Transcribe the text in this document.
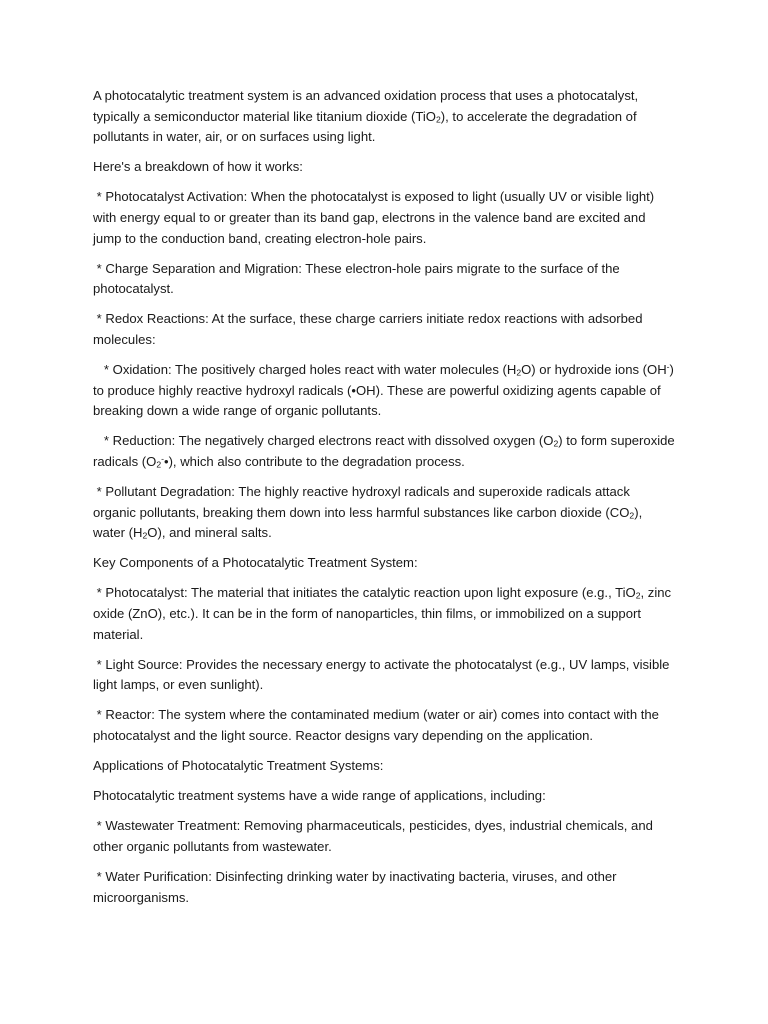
A photocatalytic treatment system is an advanced oxidation process that uses a photocatalyst, typically a semiconductor material like titanium dioxide (TiO$_2$), to accelerate the degradation of pollutants in water, air, or on surfaces using light.

Here's a breakdown of how it works:

* Photocatalyst Activation: When the photocatalyst is exposed to light (usually UV or visible light) with energy equal to or greater than its band gap, electrons in the valence band are excited and jump to the conduction band, creating electron-hole pairs.

* Charge Separation and Migration: These electron-hole pairs migrate to the surface of the photocatalyst.

* Redox Reactions: At the surface, these charge carriers initiate redox reactions with adsorbed molecules:

* Oxidation: The positively charged holes react with water molecules $(H_2O)$ or hydroxide ions (OH-) to produce highly reactive hydroxyl radicals (•OH). These are powerful oxidizing agents capable of breaking down a wide range of organic pollutants.

* Reduction: The negatively charged electrons react with dissolved oxygen $(O_2)$ to form superoxide radicals $(O_2^-•)$, which also contribute to the degradation process.

* Pollutant Degradation: The highly reactive hydroxyl radicals and superoxide radicals attack organic pollutants, breaking them down into less harmful substances like carbon dioxide $(CO_2)$, water $(H_2O)$, and mineral salts.

Key Components of a Photocatalytic Treatment System:

* Photocatalyst: The material that initiates the catalytic reaction upon light exposure (e.g., TiO$_2$, zinc oxide (ZnO), etc.). It can be in the form of nanoparticles, thin films, or immobilized on a support material.

* Light Source: Provides the necessary energy to activate the photocatalyst (e.g., UV lamps, visible light lamps, or even sunlight).

* Reactor: The system where the contaminated medium (water or air) comes into contact with the photocatalyst and the light source. Reactor designs vary depending on the application.

Applications of Photocatalytic Treatment Systems:

Photocatalytic treatment systems have a wide range of applications, including:

* Wastewater Treatment: Removing pharmaceuticals, pesticides, dyes, industrial chemicals, and other organic pollutants from wastewater.

* Water Purification: Disinfecting drinking water by inactivating bacteria, viruses, and other microorganisms.
